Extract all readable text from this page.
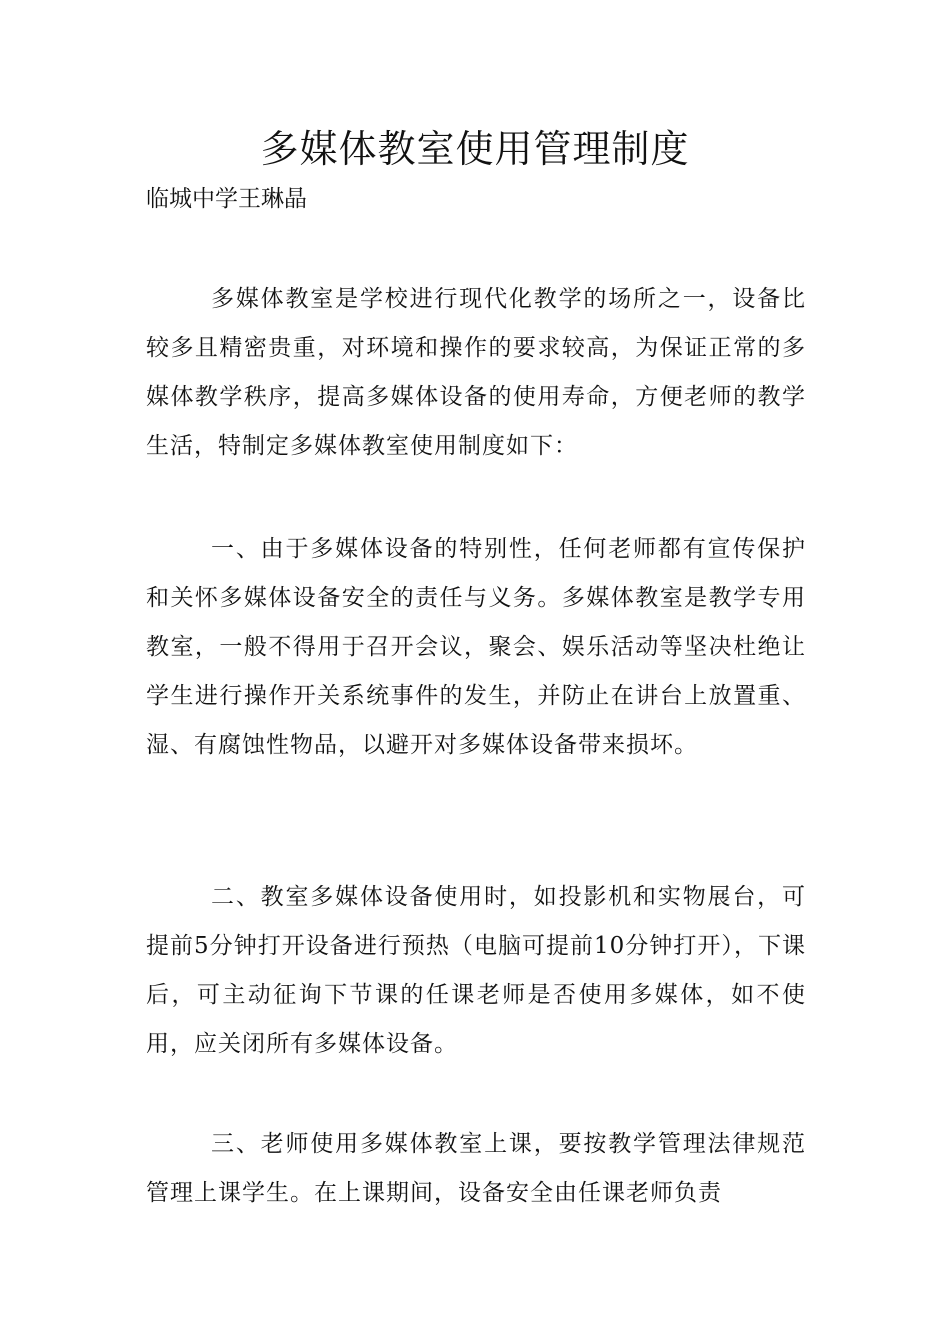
多媒体教室使用管理制度

临城中学王琳晶

多媒体教室是学校进行现代化教学的场所之一，设备比较多且精密贵重，对环境和操作的要求较高，为保证正常的多媒体教学秩序，提高多媒体设备的使用寿命，方便老师的教学生活，特制定多媒体教室使用制度如下：

一、由于多媒体设备的特别性，任何老师都有宣传保护和关怀多媒体设备安全的责任与义务。多媒体教室是教学专用教室，一般不得用于召开会议，聚会、娱乐活动等坚决杜绝让学生进行操作开关系统事件的发生，并防止在讲台上放置重、湿、有腐蚀性物品，以避开对多媒体设备带来损坏。

二、教室多媒体设备使用时，如投影机和实物展台，可提前5分钟打开设备进行预热（电脑可提前10分钟打开），下课后，可主动征询下节课的任课老师是否使用多媒体，如不使用，应关闭所有多媒体设备。

三、老师使用多媒体教室上课，要按教学管理法律规范管理上课学生。在上课期间，设备安全由任课老师负责
